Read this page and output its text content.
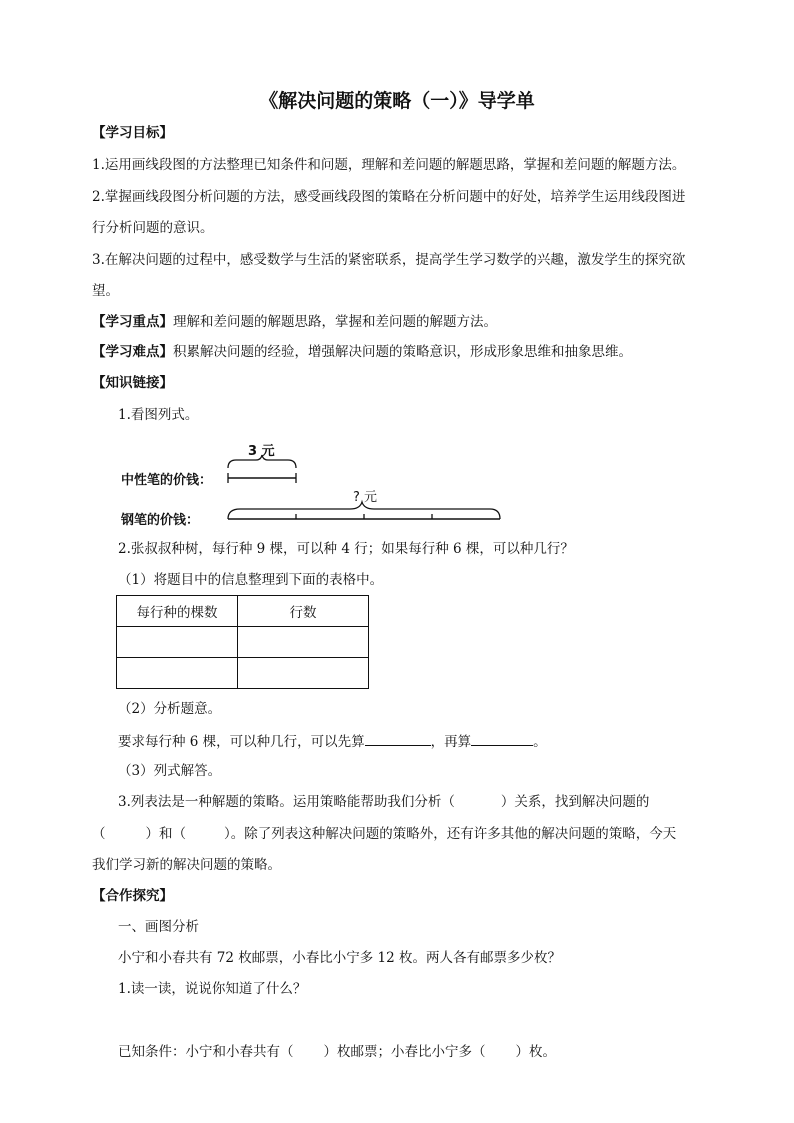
《解决问题的策略（一）》导学单
【学习目标】
1.运用画线段图的方法整理已知条件和问题，理解和差问题的解题思路，掌握和差问题的解题方法。
2.掌握画线段图分析问题的方法，感受画线段图的策略在分析问题中的好处，培养学生运用线段图进
行分析问题的意识。
3.在解决问题的过程中，感受数学与生活的紧密联系，提高学生学习数学的兴趣，激发学生的探究欲
望。
【学习重点】理解和差问题的解题思路，掌握和差问题的解题方法。
【学习难点】积累解决问题的经验，增强解决问题的策略意识，形成形象思维和抽象思维。
【知识链接】
1.看图列式。
3 元
中性笔的价钱：
? 元
钢笔的价钱：
2.张叔叔种树，每行种 9 棵，可以种 4 行；如果每行种 6 棵，可以种几行？
（1）将题目中的信息整理到下面的表格中。
每行种的棵数	行数

（2）分析题意。
要求每行种 6 棵，可以种几行，可以先算	，再算	。
（3）列式解答。
3.列表法是一种解题的策略。运用策略能帮助我们分析（	）关系，找到解决问题的
（	）和（	）。除了列表这种解决问题的策略外，还有许多其他的解决问题的策略，今天
我们学习新的解决问题的策略。
【合作探究】
一、画图分析
小宁和小春共有 72 枚邮票，小春比小宁多 12 枚。两人各有邮票多少枚？
1.读一读，说说你知道了什么？
已知条件：小宁和小春共有（ ）枚邮票；小春比小宁多（ ）枚。
